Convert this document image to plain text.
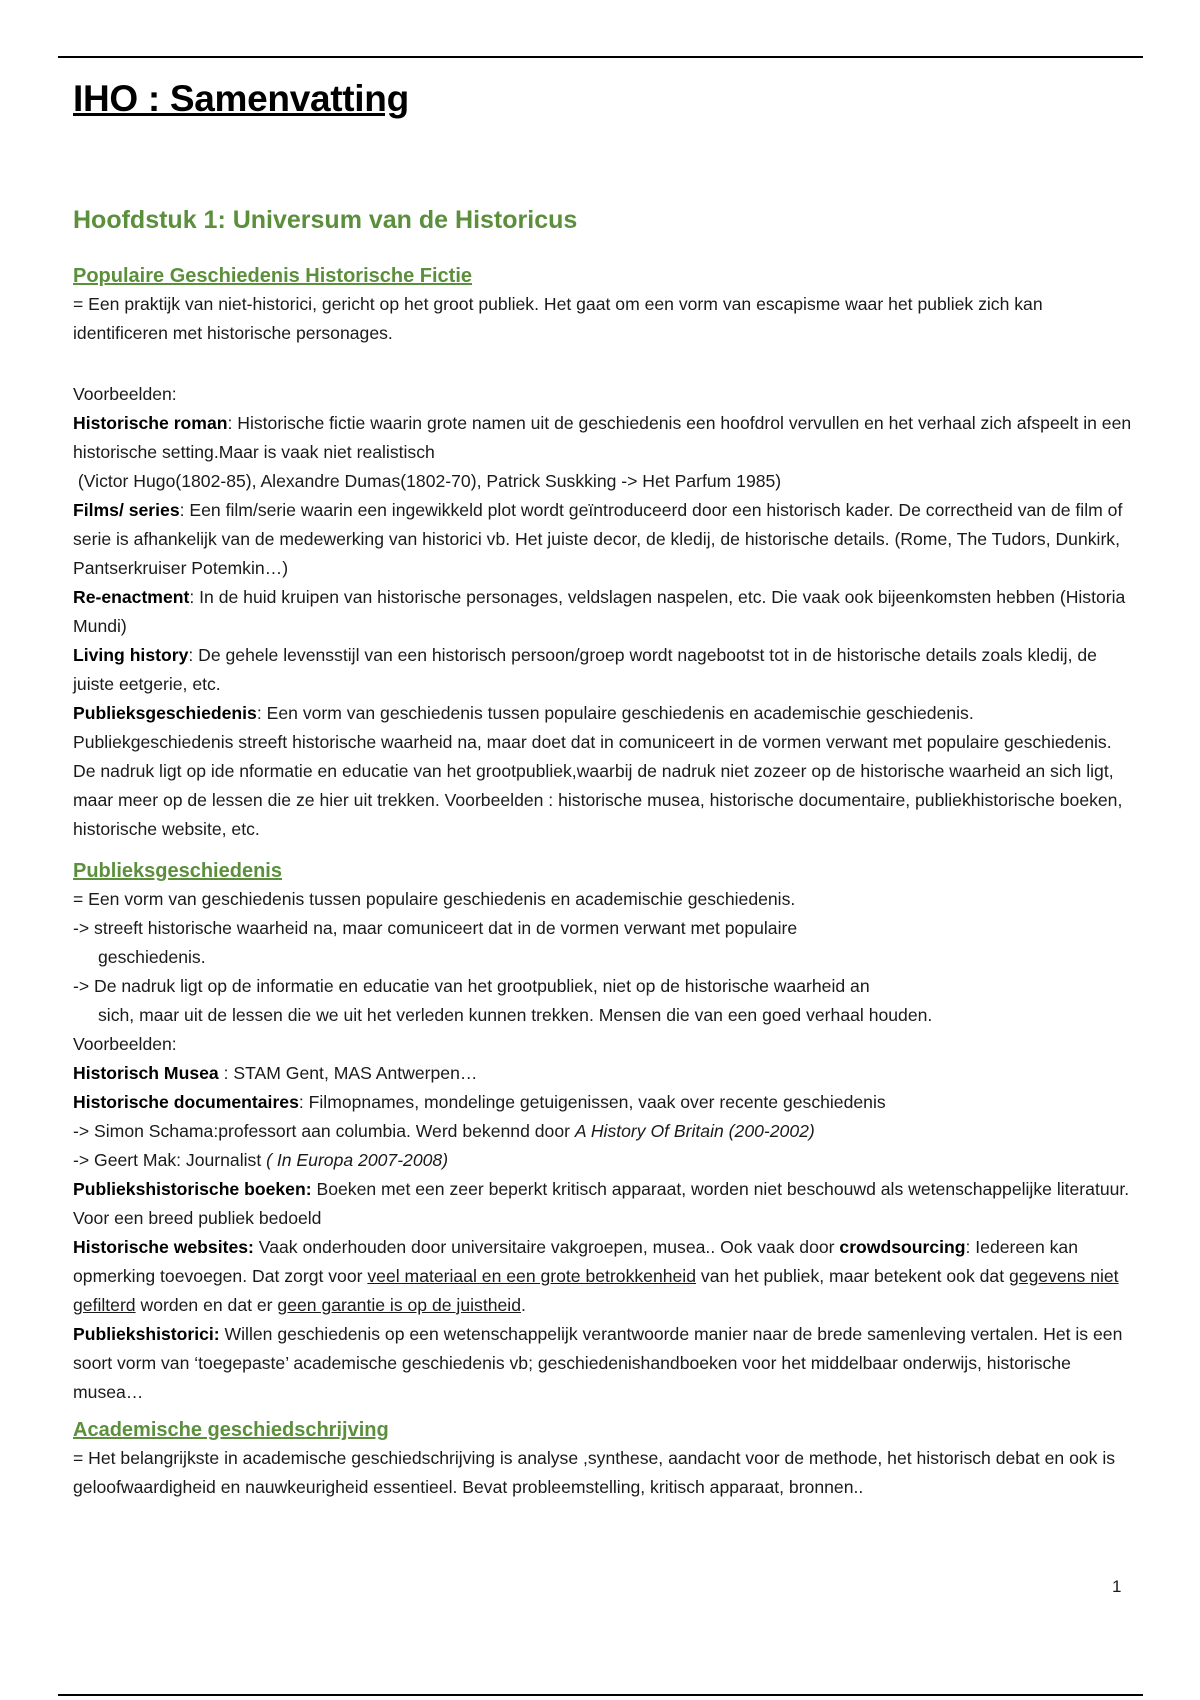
IHO : Samenvatting
Hoofdstuk 1: Universum van de Historicus
Populaire Geschiedenis Historische Fictie

= Een praktijk van niet-historici, gericht op het groot publiek. Het gaat om een vorm van escapisme waar het publiek zich kan identificeren met historische personages.

Voorbeelden:

Historische roman: Historische fictie waarin grote namen uit de geschiedenis een hoofdrol vervullen en het verhaal zich afspeelt in een historische setting.Maar is vaak niet realistisch

(Victor Hugo(1802-85), Alexandre Dumas(1802-70), Patrick Suskking -> Het Parfum 1985)

Films/ series: Een film/serie waarin een ingewikkeld plot wordt geïntroduceerd door een historisch kader. De correctheid van de film of serie is afhankelijk van de medewerking van historici vb. Het juiste decor, de kledij, de historische details. (Rome, The Tudors, Dunkirk, Pantserkruiser Potemkin…)

Re-enactment: In de huid kruipen van historische personages, veldslagen naspelen, etc. Die vaak ook bijeenkomsten hebben (Historia Mundi)

Living history: De gehele levensstijl van een historisch persoon/groep wordt nagebootst tot in de historische details zoals kledij, de juiste eetgerie, etc.

Publieksgeschiedenis: Een vorm van geschiedenis tussen populaire geschiedenis en academischie geschiedenis. Publiekgeschiedenis streeft historische waarheid na, maar doet dat in comuniceert in de vormen verwant met populaire geschiedenis. De nadruk ligt op ide nformatie en educatie van het grootpubliek,waarbij de nadruk niet zozeer op de historische waarheid an sich ligt, maar meer op de lessen die ze hier uit trekken. Voorbeelden : historische musea, historische documentaire, publiekhistorische boeken, historische website, etc.

Publieksgeschiedenis

= Een vorm van geschiedenis tussen populaire geschiedenis en academischie geschiedenis.

-> streeft historische waarheid na, maar comuniceert dat in de vormen verwant met populaire

geschiedenis.

-> De nadruk ligt op de informatie en educatie van het grootpubliek, niet op de historische waarheid an

sich, maar uit de lessen die we uit het verleden kunnen trekken. Mensen die van een goed verhaal houden.

Voorbeelden:

Historisch Musea : STAM Gent, MAS Antwerpen…

Historische documentaires: Filmopnames, mondelinge getuigenissen, vaak over recente geschiedenis

-> Simon Schama:professort aan columbia. Werd bekennd door A History Of Britain (200-2002)

-> Geert Mak: Journalist ( In Europa 2007-2008)

Publiekshistorische boeken: Boeken met een zeer beperkt kritisch apparaat, worden niet beschouwd als wetenschappelijke literatuur. Voor een breed publiek bedoeld

Historische websites: Vaak onderhouden door universitaire vakgroepen, musea.. Ook vaak door crowdsourcing: Iedereen kan opmerking toevoegen. Dat zorgt voor veel materiaal en een grote betrokkenheid van het publiek, maar betekent ook dat gegevens niet gefilterd worden en dat er geen garantie is op de juistheid.

Publiekshistorici: Willen geschiedenis op een wetenschappelijk verantwoorde manier naar de brede samenleving vertalen. Het is een soort vorm van ‘toegepaste’ academische geschiedenis vb; geschiedenishandboeken voor het middelbaar onderwijs, historische musea…

Academische geschiedschrijving

= Het belangrijkste in academische geschiedschrijving is analyse ,synthese, aandacht voor de methode, het historisch debat en ook is geloofwaardigheid en nauwkeurigheid essentieel. Bevat probleemstelling, kritisch apparaat, bronnen..

1
